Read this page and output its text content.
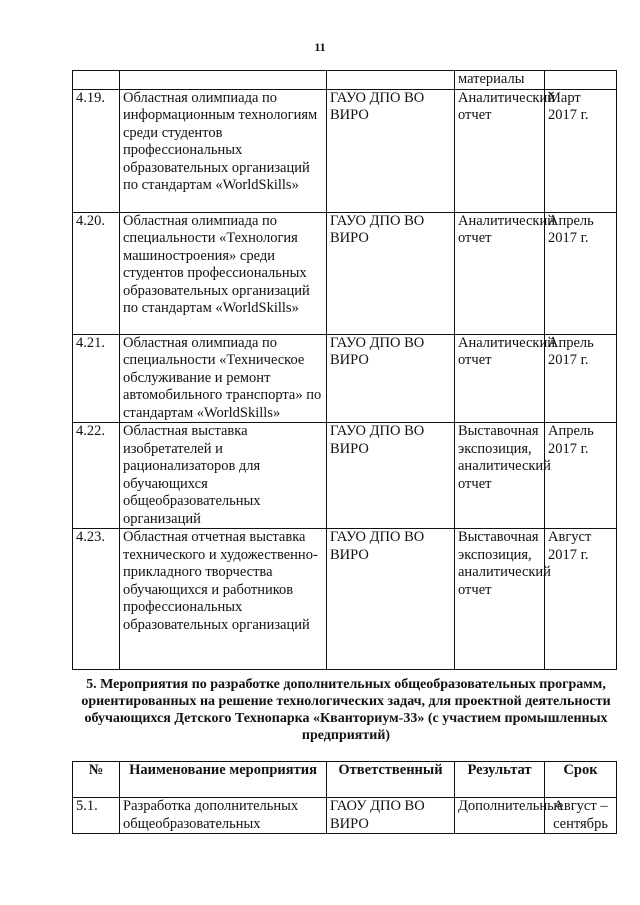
11
			материалы	
4.19.	Областная олимпиада по информационным технологиям среди студентов профессиональных образовательных организаций по стандартам «WorldSkills»	ГАУО ДПО ВО ВИРО	Аналитический отчет	Март 2017 г.
4.20.	Областная олимпиада по специальности «Технология машиностроения» среди студентов профессиональных образовательных организаций по стандартам «WorldSkills»	ГАУО ДПО ВО ВИРО	Аналитический отчет	Апрель 2017 г.
4.21.	Областная олимпиада по специальности «Техническое обслуживание и ремонт автомобильного транспорта» по стандартам «WorldSkills»	ГАУО ДПО ВО ВИРО	Аналитический отчет	Апрель 2017 г.
4.22.	Областная выставка изобретателей и рационализаторов для обучающихся общеобразовательных организаций	ГАУО ДПО ВО ВИРО	Выставочная экспозиция, аналитический отчет	Апрель 2017 г.
4.23.	Областная отчетная выставка технического и художественно-прикладного творчества обучающихся и работников профессиональных образовательных организаций	ГАУО ДПО ВО ВИРО	Выставочная экспозиция, аналитический отчет	Август 2017 г.
5. Мероприятия по разработке дополнительных общеобразовательных программ, ориентированных на решение технологических задач, для проектной деятельности обучающихся Детского Технопарка «Кванториум-33» (с участием промышленных предприятий)
№	Наименование мероприятия	Ответственный	Результат	Срок
5.1.	Разработка дополнительных общеобразовательных	ГАОУ ДПО ВО ВИРО	Дополнительные	Август – сентябрь
